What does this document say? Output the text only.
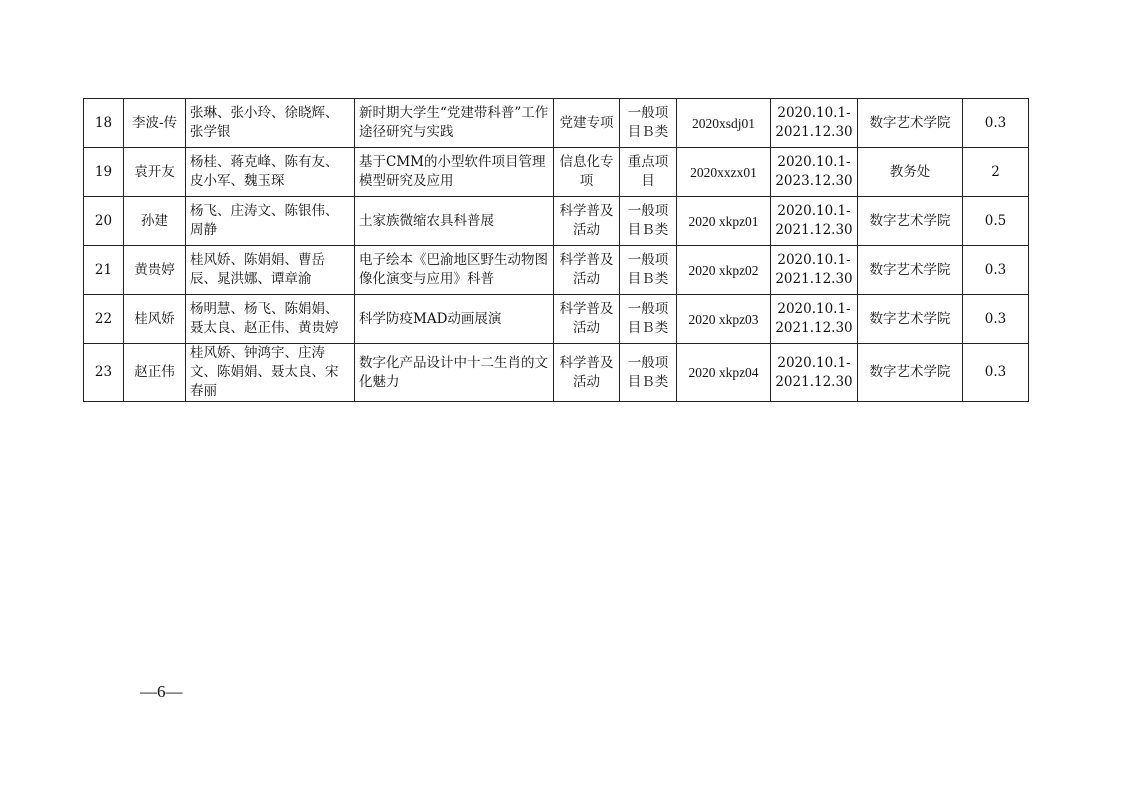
18	李波-传	张琳、张小玲、徐晓辉、张学银	新时期大学生“党建带科普”工作途径研究与实践	党建专项	一般项目Ｂ类	2020xsdj01	2020.10.1-2021.12.30	数字艺术学院	0.3
19	袁开友	杨桂、蒋克峰、陈有友、皮小军、魏玉琛	基于CMM的小型软件项目管理模型研究及应用	信息化专项	重点项目	2020xxzx01	2020.10.1-2023.12.30	教务处	2
20	孙建	杨飞、庄涛文、陈银伟、周静	土家族微缩农具科普展	科学普及活动	一般项目Ｂ类	2020 xkpz01	2020.10.1-2021.12.30	数字艺术学院	0.5
21	黄贵婷	桂风娇、陈娟娟、曹岳辰、晁洪娜、谭章渝	电子绘本《巴渝地区野生动物图像化演变与应用》科普	科学普及活动	一般项目Ｂ类	2020 xkpz02	2020.10.1-2021.12.30	数字艺术学院	0.3
22	桂风娇	杨明慧、杨飞、陈娟娟、聂太良、赵正伟、黄贵婷	科学防疫MAD动画展演	科学普及活动	一般项目Ｂ类	2020 xkpz03	2020.10.1-2021.12.30	数字艺术学院	0.3
23	赵正伟	桂风娇、钟鸿宇、庄涛文、陈娟娟、聂太良、宋春丽	数字化产品设计中十二生肖的文化魅力	科学普及活动	一般项目Ｂ类	2020 xkpz04	2020.10.1-2021.12.30	数字艺术学院	0.3
—6—
